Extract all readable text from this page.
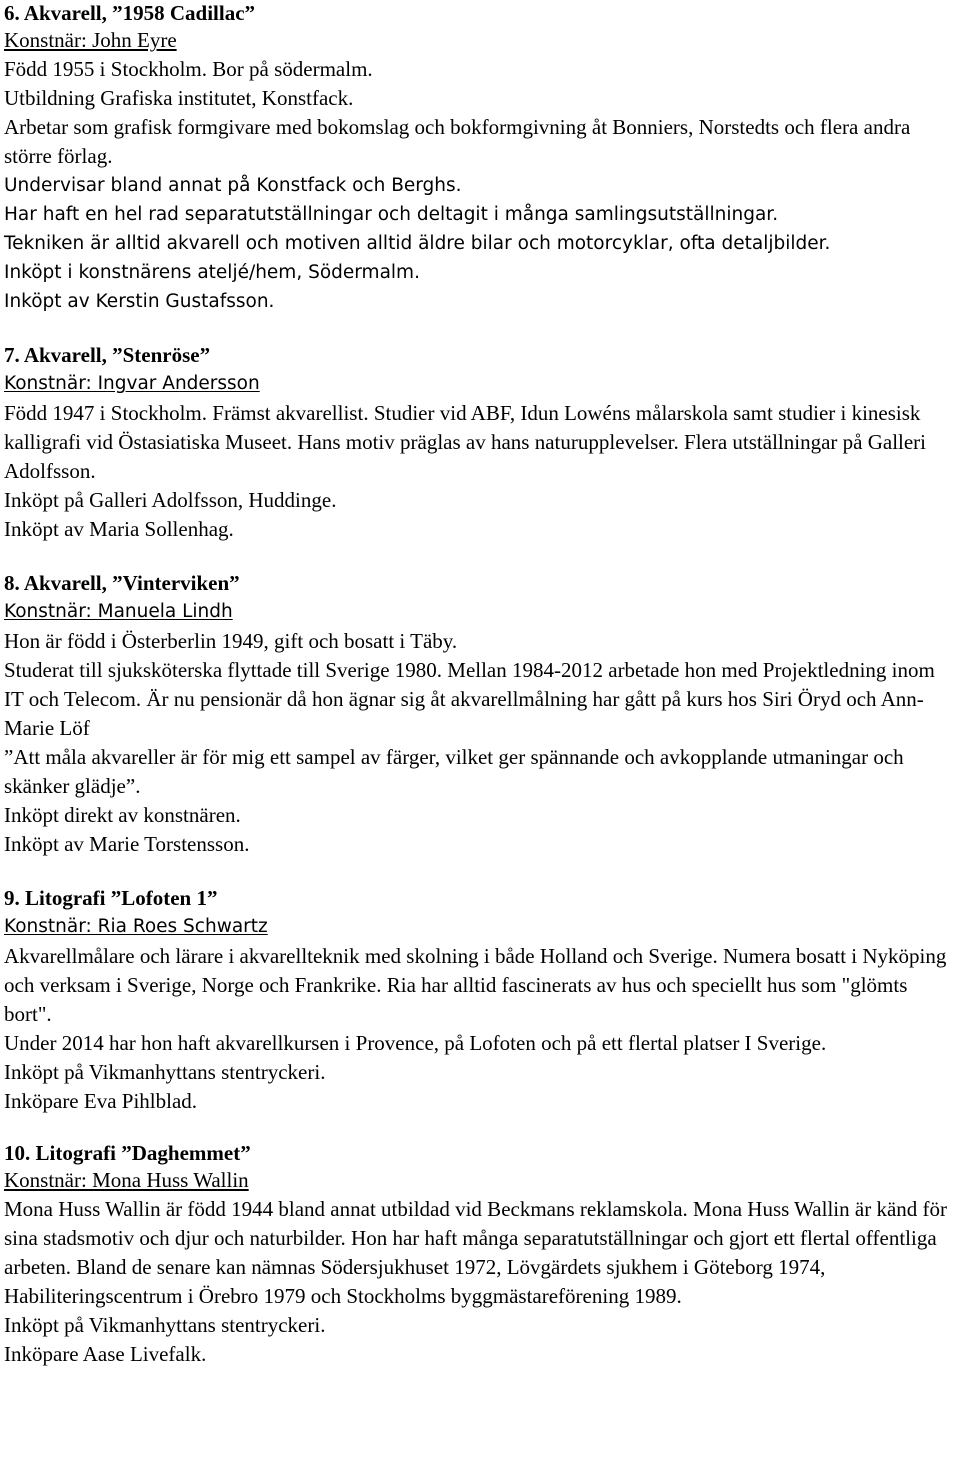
6. Akvarell, ”1958 Cadillac”
Konstnär: John Eyre

Född 1955 i Stockholm. Bor på södermalm.

Utbildning Grafiska institutet, Konstfack.

Arbetar som grafisk formgivare med bokomslag och bokformgivning åt Bonniers, Norstedts och flera andra större förlag.

Undervisar bland annat på Konstfack och Berghs.

Har haft en hel rad separatutställningar och deltagit i många samlingsutställningar.

Tekniken är alltid akvarell och motiven alltid äldre bilar och motorcyklar, ofta detaljbilder.

Inköpt i konstnärens ateljé/hem, Södermalm.

Inköpt av Kerstin Gustafsson.

7. Akvarell, ”Stenröse”
Konstnär: Ingvar Andersson

Född 1947 i Stockholm. Främst akvarellist. Studier vid ABF, Idun Lowéns målarskola samt studier i kinesisk kalligrafi vid Östasiatiska Museet. Hans motiv präglas av hans naturupplevelser. Flera utställningar på Galleri Adolfsson.

Inköpt på Galleri Adolfsson, Huddinge.

Inköpt av Maria Sollenhag.

8. Akvarell, ”Vinterviken”
Konstnär: Manuela Lindh

Hon är född i Österberlin 1949, gift och bosatt i Täby.

Studerat till sjuksköterska flyttade till Sverige 1980. Mellan 1984-2012 arbetade hon med Projektledning inom IT och Telecom. Är nu pensionär då hon ägnar sig åt akvarellmålning har gått på kurs hos Siri Öryd och Ann-Marie Löf

”Att måla akvareller är för mig ett sampel av färger, vilket ger spännande och avkopplande utmaningar och skänker glädje”.

Inköpt direkt av konstnären.

Inköpt av Marie Torstensson.

9. Litografi ”Lofoten 1”
Konstnär: Ria Roes Schwartz

Akvarellmålare och lärare i akvarellteknik med skolning i både Holland och Sverige. Numera bosatt i Nyköping och verksam i Sverige, Norge och Frankrike. Ria har alltid fascinerats av hus och speciellt hus som "glömts bort".

Under 2014 har hon haft akvarellkursen i Provence, på Lofoten och på ett flertal platser I Sverige.

Inköpt på Vikmanhyttans stentryckeri.

Inköpare Eva Pihlblad.

10. Litografi ”Daghemmet”
Konstnär: Mona Huss Wallin

Mona Huss Wallin är född 1944 bland annat utbildad vid Beckmans reklamskola. Mona Huss Wallin är känd för sina stadsmotiv och djur och naturbilder. Hon har haft många separatutställningar och gjort ett flertal offentliga arbeten. Bland de senare kan nämnas Södersjukhuset 1972, Lövgärdets sjukhem i Göteborg 1974, Habiliteringscentrum i Örebro 1979 och Stockholms byggmästareförening 1989.

Inköpt på Vikmanhyttans stentryckeri.

Inköpare Aase Livefalk.
